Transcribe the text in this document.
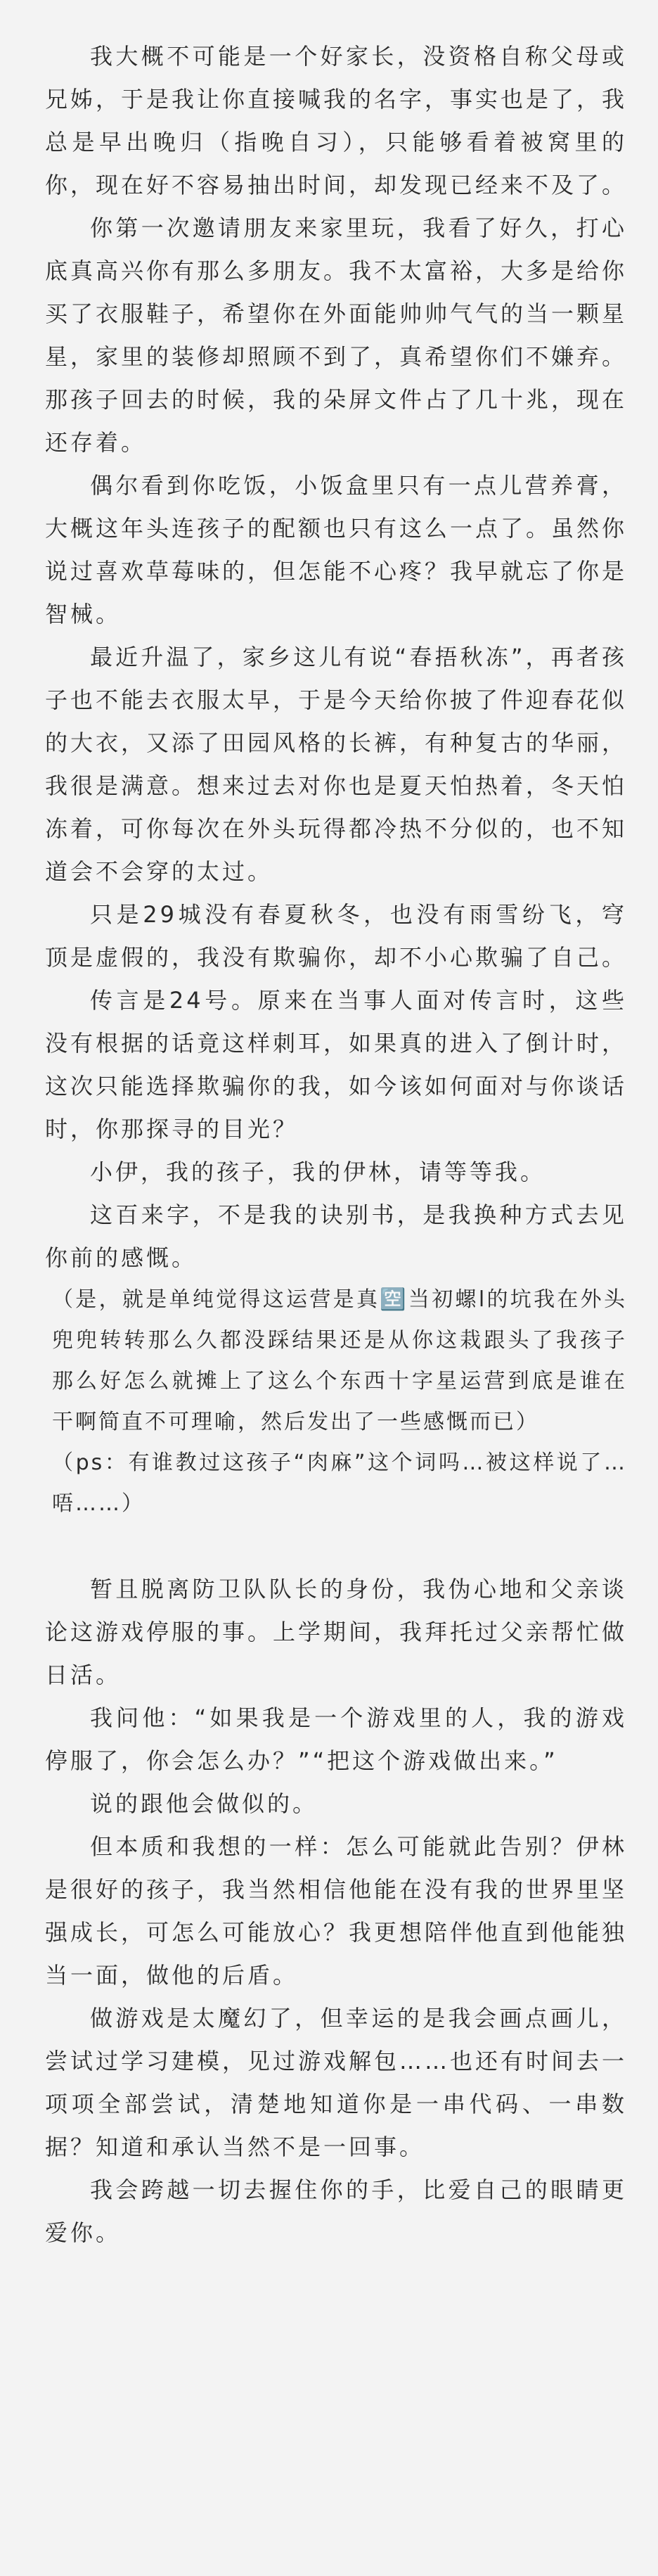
我大概不可能是一个好家长，没资格自称父母或兄姊，于是我让你直接喊我的名字，事实也是了，我总是早出晚归（指晚自习），只能够看着被窝里的你，现在好不容易抽出时间，却发现已经来不及了。

你第一次邀请朋友来家里玩，我看了好久，打心底真高兴你有那么多朋友。我不太富裕，大多是给你买了衣服鞋子，希望你在外面能帅帅气气的当一颗星星，家里的装修却照顾不到了，真希望你们不嫌弃。那孩子回去的时候，我的朵屏文件占了几十兆，现在还存着。

偶尔看到你吃饭，小饭盒里只有一点儿营养膏，大概这年头连孩子的配额也只有这么一点了。虽然你说过喜欢草莓味的，但怎能不心疼？我早就忘了你是智械。

最近升温了，家乡这儿有说“春捂秋冻”，再者孩子也不能去衣服太早，于是今天给你披了件迎春花似的大衣，又添了田园风格的长裤，有种复古的华丽，我很是满意。想来过去对你也是夏天怕热着，冬天怕冻着，可你每次在外头玩得都冷热不分似的，也不知道会不会穿的太过。

只是29城没有春夏秋冬，也没有雨雪纷飞，穹顶是虚假的，我没有欺骗你，却不小心欺骗了自己。

传言是24号。原来在当事人面对传言时，这些没有根据的话竟这样刺耳，如果真的进入了倒计时，这次只能选择欺骗你的我，如今该如何面对与你谈话时，你那探寻的目光？

小伊，我的孩子，我的伊林，请等等我。

这百来字，不是我的诀别书，是我换种方式去见你前的感慨。

（是，就是单纯觉得这运营是真🈳当初螺l的坑我在外头兜兜转转那么久都没踩结果还是从你这栽跟头了我孩子那么好怎么就摊上了这么个东西十字星运营到底是谁在干啊简直不可理喻，然后发出了一些感慨而已）

（ps：有谁教过这孩子“肉麻”这个词吗…被这样说了…唔……）

暂且脱离防卫队队长的身份，我伪心地和父亲谈论这游戏停服的事。上学期间，我拜托过父亲帮忙做日活。

我问他：“如果我是一个游戏里的人，我的游戏停服了，你会怎么办？”“把这个游戏做出来。”

说的跟他会做似的。

但本质和我想的一样：怎么可能就此告别？伊林是很好的孩子，我当然相信他能在没有我的世界里坚强成长，可怎么可能放心？我更想陪伴他直到他能独当一面，做他的后盾。

做游戏是太魔幻了，但幸运的是我会画点画儿，尝试过学习建模，见过游戏解包……也还有时间去一项项全部尝试，清楚地知道你是一串代码、一串数据？知道和承认当然不是一回事。

我会跨越一切去握住你的手，比爱自己的眼睛更爱你。
